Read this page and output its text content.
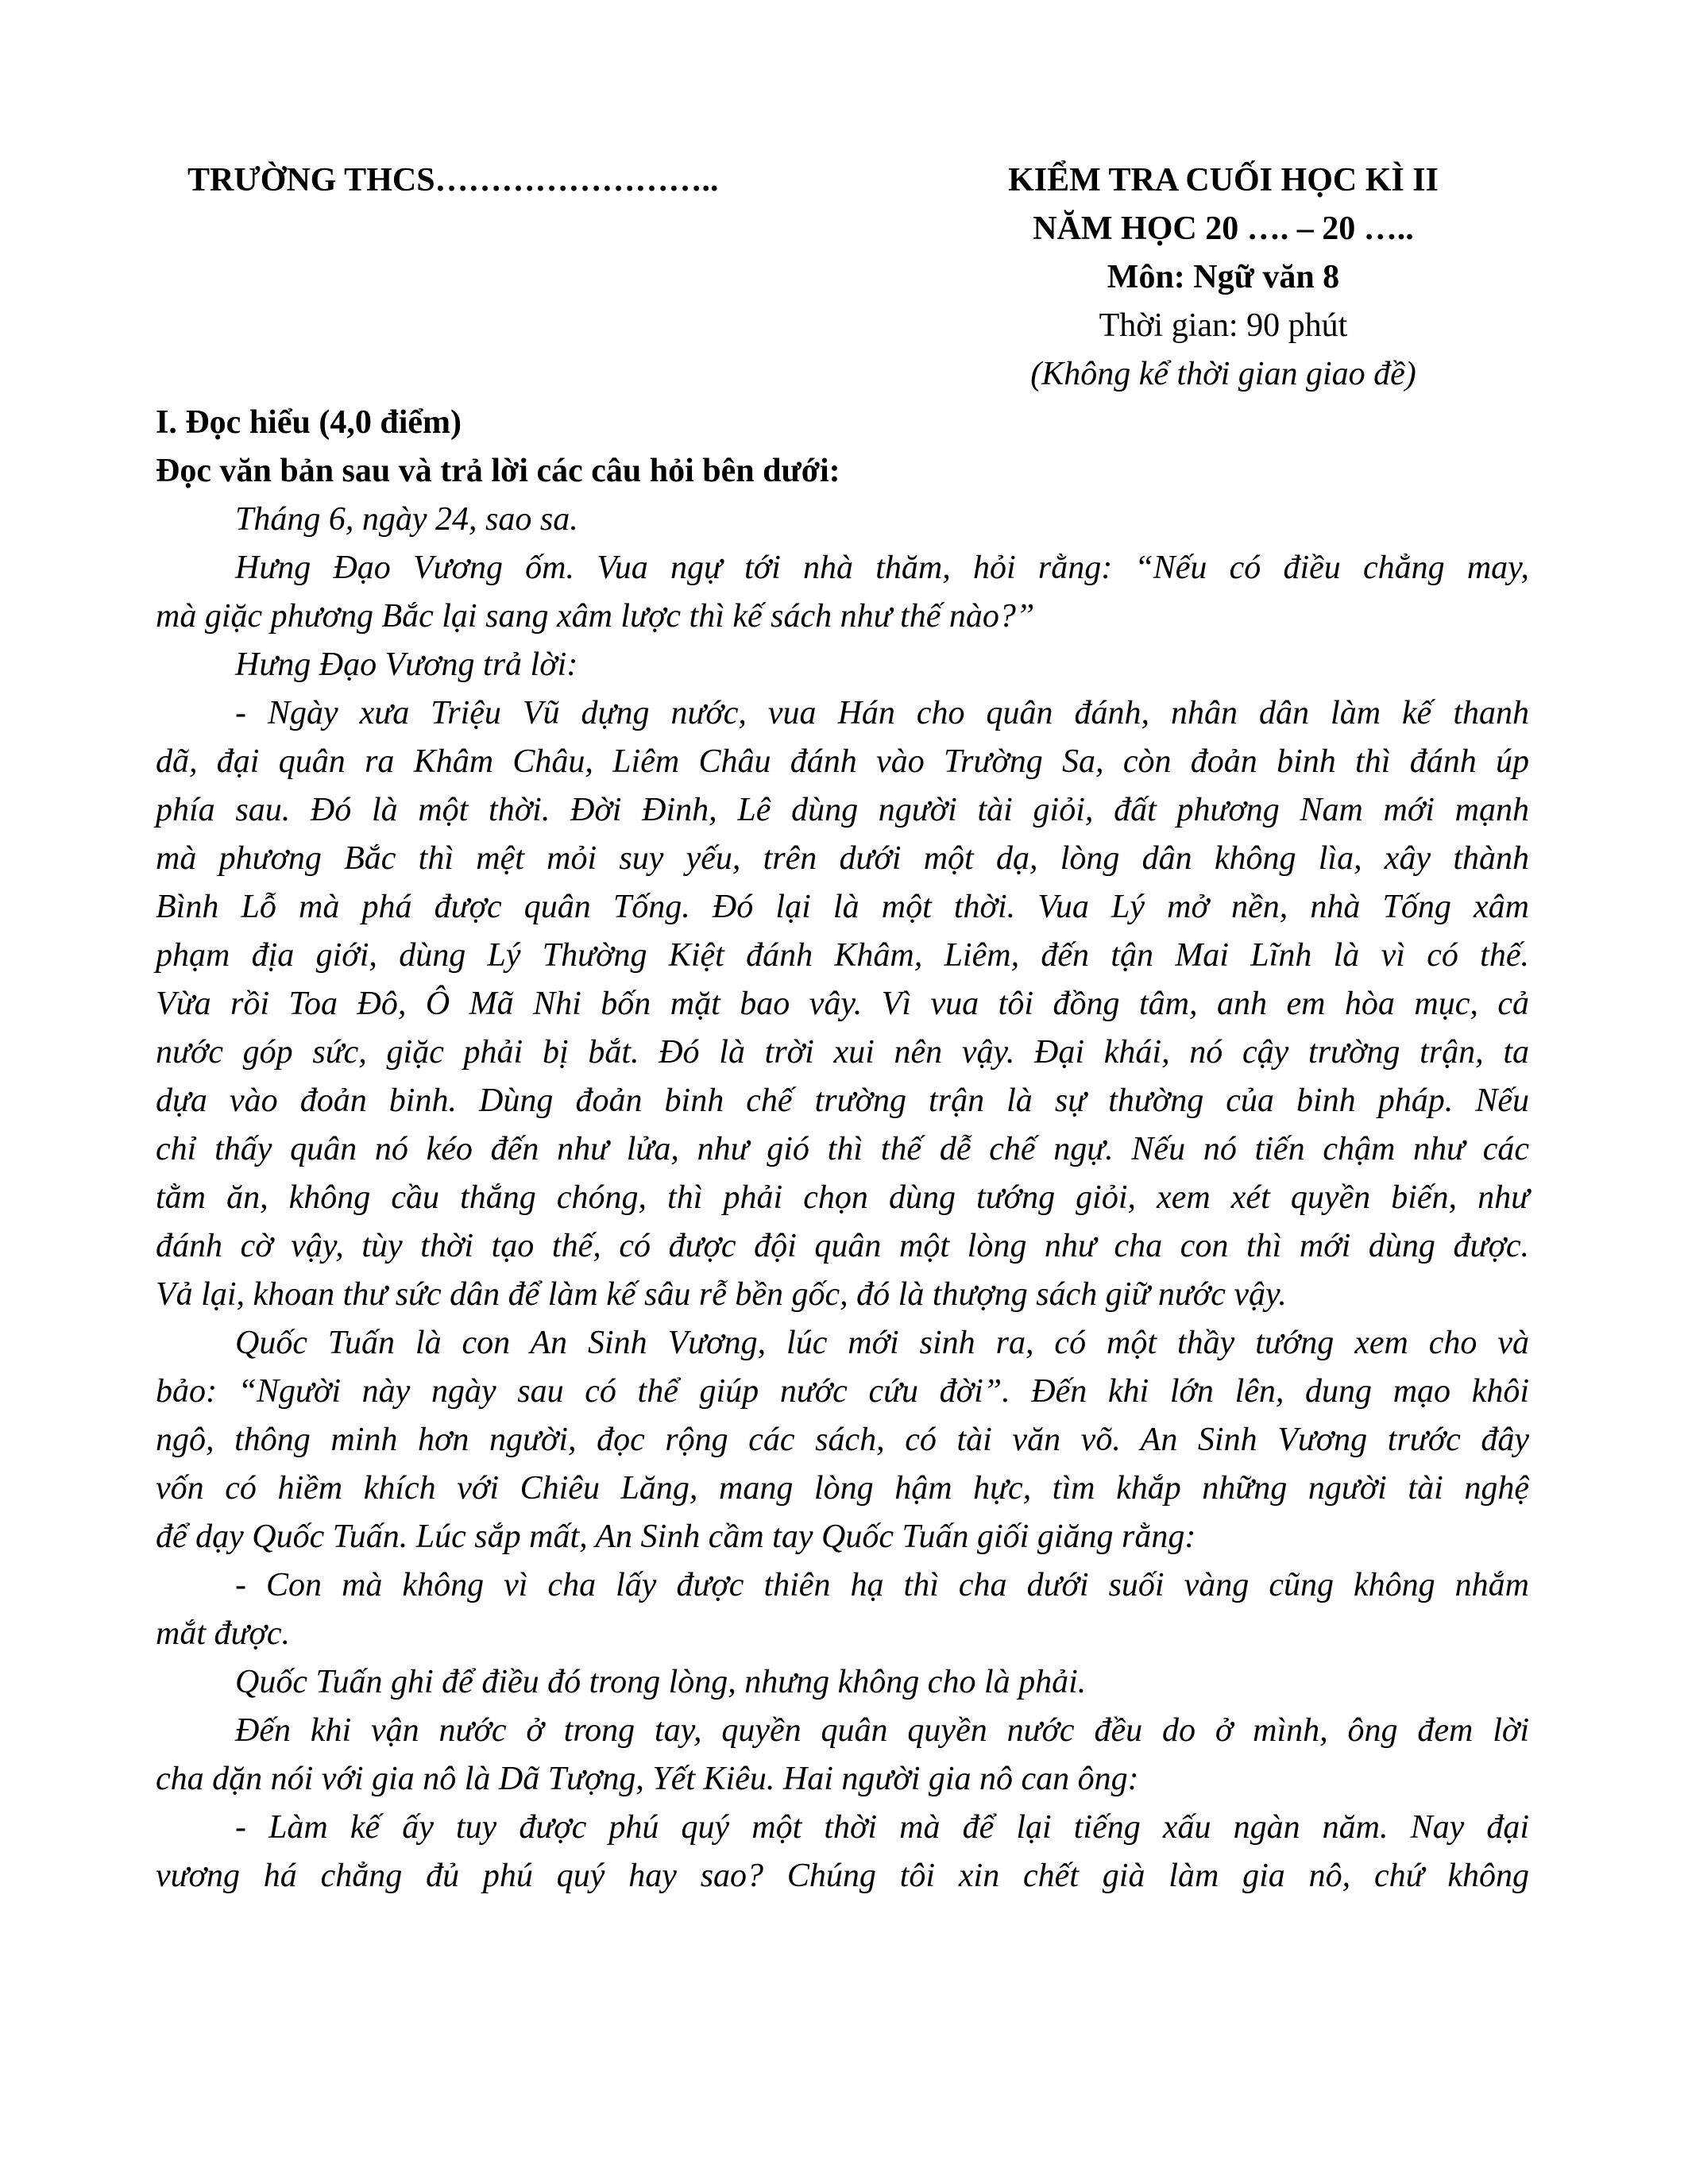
TRƯỜNG THCS……………………..	KIỂM TRA CUỐI HỌC KÌ II
NĂM HỌC 20 …. – 20 …..
Môn: Ngữ văn 8
Thời gian: 90 phút
(Không kể thời gian giao đề)
I. Đọc hiểu (4,0 điểm)
Đọc văn bản sau và trả lời các câu hỏi bên dưới:
Tháng 6, ngày 24, sao sa.
Hưng Đạo Vương ốm. Vua ngự tới nhà thăm, hỏi rằng: “Nếu có điều chẳng may,
mà giặc phương Bắc lại sang xâm lược thì kế sách như thế nào?”
Hưng Đạo Vương trả lời:
- Ngày xưa Triệu Vũ dựng nước, vua Hán cho quân đánh, nhân dân làm kế thanh
dã, đại quân ra Khâm Châu, Liêm Châu đánh vào Trường Sa, còn đoản binh thì đánh úp
phía sau. Đó là một thời. Đời Đinh, Lê dùng người tài giỏi, đất phương Nam mới mạnh
mà phương Bắc thì mệt mỏi suy yếu, trên dưới một dạ, lòng dân không lìa, xây thành
Bình Lỗ mà phá được quân Tống. Đó lại là một thời. Vua Lý mở nền, nhà Tống xâm
phạm địa giới, dùng Lý Thường Kiệt đánh Khâm, Liêm, đến tận Mai Lĩnh là vì có thế.
Vừa rồi Toa Đô, Ô Mã Nhi bốn mặt bao vây. Vì vua tôi đồng tâm, anh em hòa mục, cả
nước góp sức, giặc phải bị bắt. Đó là trời xui nên vậy. Đại khái, nó cậy trường trận, ta
dựa vào đoản binh. Dùng đoản binh chế trường trận là sự thường của binh pháp. Nếu
chỉ thấy quân nó kéo đến như lửa, như gió thì thế dễ chế ngự. Nếu nó tiến chậm như các
tằm ăn, không cầu thắng chóng, thì phải chọn dùng tướng giỏi, xem xét quyền biến, như
đánh cờ vậy, tùy thời tạo thế, có được đội quân một lòng như cha con thì mới dùng được.
Vả lại, khoan thư sức dân để làm kế sâu rễ bền gốc, đó là thượng sách giữ nước vậy.
Quốc Tuấn là con An Sinh Vương, lúc mới sinh ra, có một thầy tướng xem cho và
bảo: “Người này ngày sau có thể giúp nước cứu đời”. Đến khi lớn lên, dung mạo khôi
ngô, thông minh hơn người, đọc rộng các sách, có tài văn võ. An Sinh Vương trước đây
vốn có hiềm khích với Chiêu Lăng, mang lòng hậm hực, tìm khắp những người tài nghệ
để dạy Quốc Tuấn. Lúc sắp mất, An Sinh cầm tay Quốc Tuấn giối giăng rằng:
- Con mà không vì cha lấy được thiên hạ thì cha dưới suối vàng cũng không nhắm
mắt được.
Quốc Tuấn ghi để điều đó trong lòng, nhưng không cho là phải.
Đến khi vận nước ở trong tay, quyền quân quyền nước đều do ở mình, ông đem lời
cha dặn nói với gia nô là Dã Tượng, Yết Kiêu. Hai người gia nô can ông:
- Làm kế ấy tuy được phú quý một thời mà để lại tiếng xấu ngàn năm. Nay đại
vương há chẳng đủ phú quý hay sao? Chúng tôi xin chết già làm gia nô, chứ không
